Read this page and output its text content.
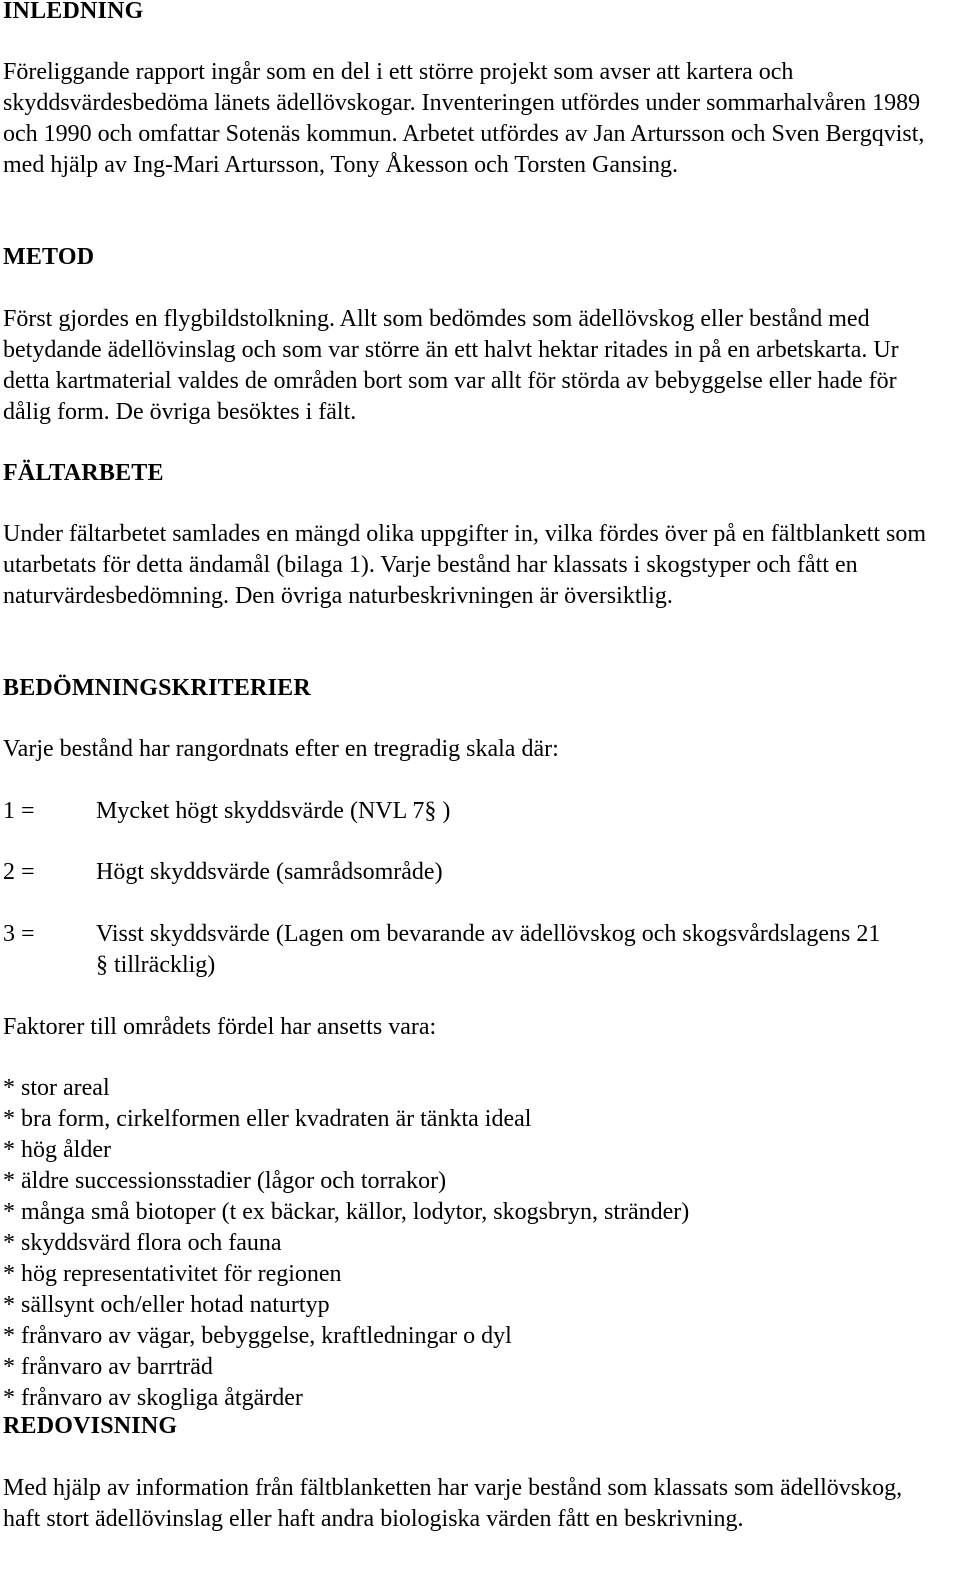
INLEDNING

Föreliggande rapport ingår som en del i ett större projekt som avser att kartera och skyddsvärdesbedöma länets ädellövskogar. Inventeringen utfördes under sommarhalvåren 1989 och 1990 och omfattar Sotenäs kommun. Arbetet utfördes av Jan Artursson och Sven Bergqvist, med hjälp av Ing-Mari Artursson, Tony Åkesson och Torsten Gansing.

METOD

Först gjordes en flygbildstolkning. Allt som bedömdes som ädellövskog eller bestånd med betydande ädellövinslag och som var större än ett halvt hektar ritades in på en arbetskarta. Ur detta kartmaterial valdes de områden bort som var allt för störda av bebyggelse eller hade för dålig form. De övriga besöktes i fält.

FÄLTARBETE

Under fältarbetet samlades en mängd olika uppgifter in, vilka fördes över på en fältblankett som utarbetats för detta ändamål (bilaga 1). Varje bestånd har klassats i skogstyper och fått en naturvärdesbedömning. Den övriga naturbeskrivningen är översiktlig.

BEDÖMNINGSKRITERIER

Varje bestånd har rangordnats efter en tregradig skala där:

1 =	Mycket högt skyddsvärde (NVL 7§ )
2 =	Högt skyddsvärde (samrådsområde)
3 =	Visst skyddsvärde (Lagen om bevarande av ädellövskog och skogsvårdslagens 21 § tillräcklig)

Faktorer till områdets fördel har ansetts vara:

* stor areal
* bra form, cirkelformen eller kvadraten är tänkta ideal
* hög ålder
* äldre successionsstadier (lågor och torrakor)
* många små biotoper (t ex bäckar, källor, lodytor, skogsbryn, stränder)
* skyddsvärd flora och fauna
* hög representativitet för regionen
* sällsynt och/eller hotad naturtyp
* frånvaro av vägar, bebyggelse, kraftledningar o dyl
* frånvaro av barrträd
* frånvaro av skogliga åtgärder
REDOVISNING

Med hjälp av information från fältblanketten har varje bestånd som klassats som ädellövskog, haft stort ädellövinslag eller haft andra biologiska värden fått en beskrivning.
